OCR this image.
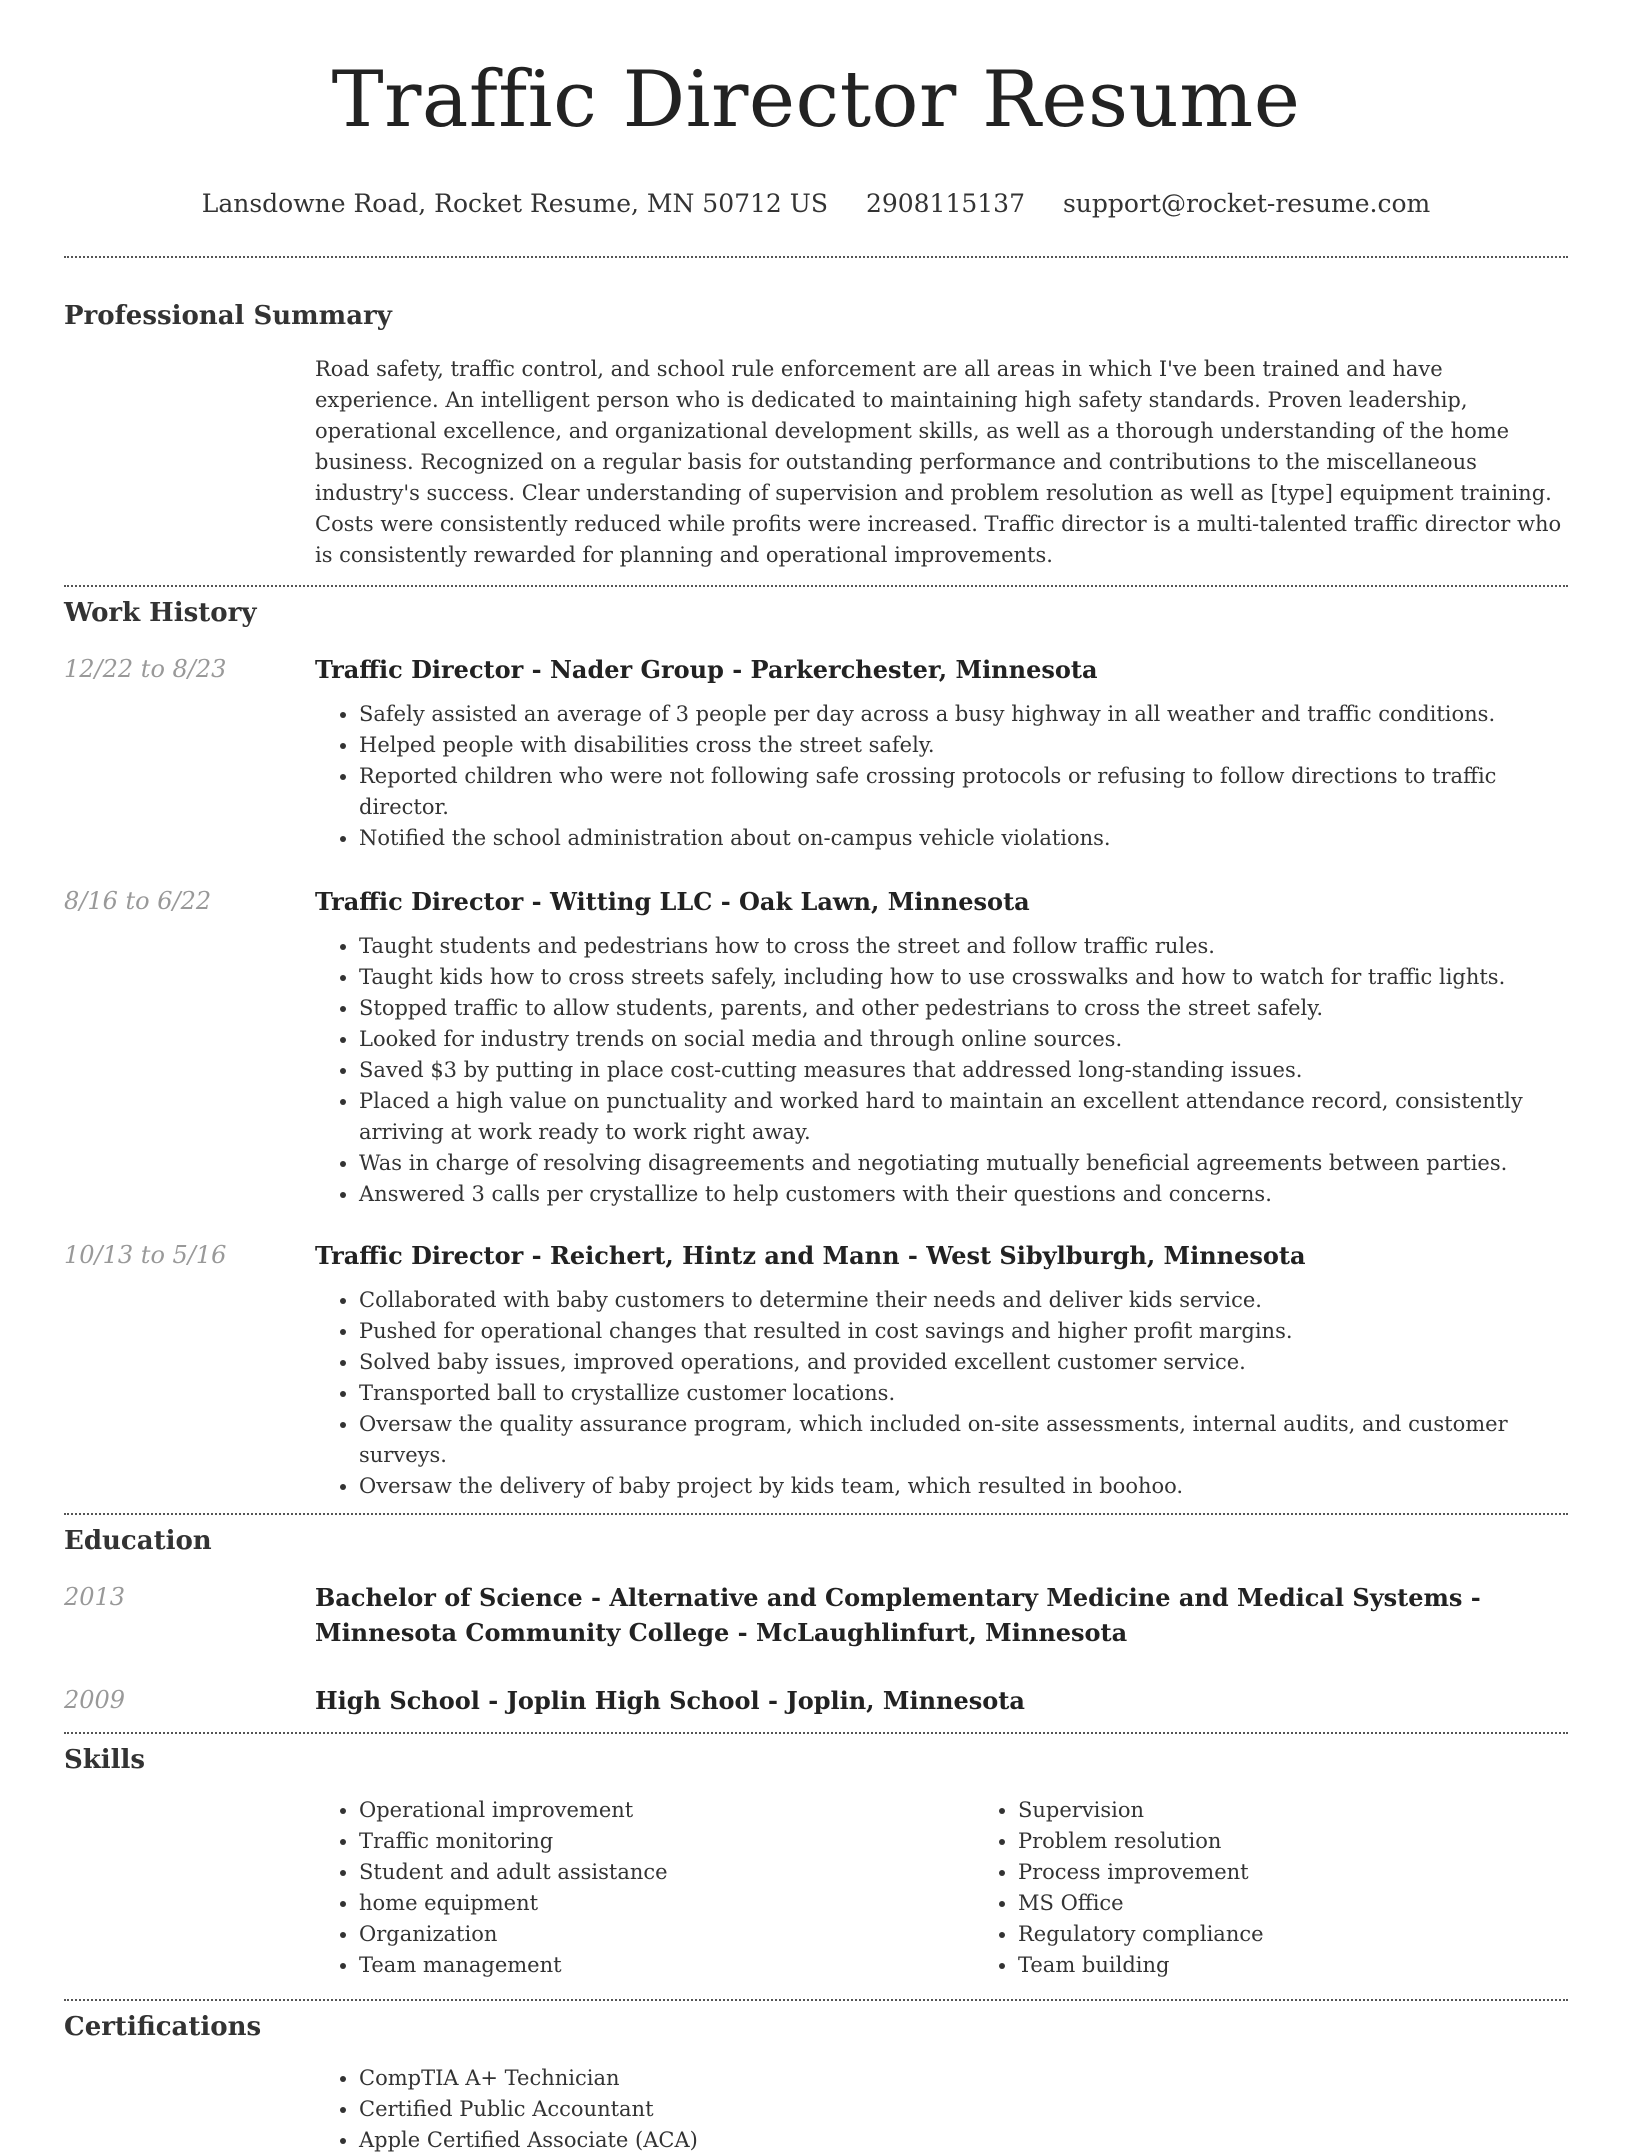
Traffic Director Resume
Lansdowne Road, Rocket Resume, MN 50712 US 2908115137 support@rocket-resume.com
Professional Summary

Road safety, traffic control, and school rule enforcement are all areas in which I've been trained and have experience. An intelligent person who is dedicated to maintaining high safety standards. Proven leadership, operational excellence, and organizational development skills, as well as a thorough understanding of the home business. Recognized on a regular basis for outstanding performance and contributions to the miscellaneous industry's success. Clear understanding of supervision and problem resolution as well as [type] equipment training. Costs were consistently reduced while profits were increased. Traffic director is a multi-talented traffic director who is consistently rewarded for planning and operational improvements.

Work History
12/22 to 8/23	Traffic Director - Nader Group - Parkerchester, Minnesota
• Safely assisted an average of 3 people per day across a busy highway in all weather and traffic conditions.
• Helped people with disabilities cross the street safely.
• Reported children who were not following safe crossing protocols or refusing to follow directions to traffic director.
• Notified the school administration about on-campus vehicle violations.
8/16 to 6/22	Traffic Director - Witting LLC - Oak Lawn, Minnesota
• Taught students and pedestrians how to cross the street and follow traffic rules.
• Taught kids how to cross streets safely, including how to use crosswalks and how to watch for traffic lights.
• Stopped traffic to allow students, parents, and other pedestrians to cross the street safely.
• Looked for industry trends on social media and through online sources.
• Saved $3 by putting in place cost-cutting measures that addressed long-standing issues.
• Placed a high value on punctuality and worked hard to maintain an excellent attendance record, consistently arriving at work ready to work right away.
• Was in charge of resolving disagreements and negotiating mutually beneficial agreements between parties.
• Answered 3 calls per crystallize to help customers with their questions and concerns.
10/13 to 5/16	Traffic Director - Reichert, Hintz and Mann - West Sibylburgh, Minnesota
• Collaborated with baby customers to determine their needs and deliver kids service.
• Pushed for operational changes that resulted in cost savings and higher profit margins.
• Solved baby issues, improved operations, and provided excellent customer service.
• Transported ball to crystallize customer locations.
• Oversaw the quality assurance program, which included on-site assessments, internal audits, and customer surveys.
• Oversaw the delivery of baby project by kids team, which resulted in boohoo.
Education
2013	Bachelor of Science - Alternative and Complementary Medicine and Medical Systems - Minnesota Community College - McLaughlinfurt, Minnesota
2009	High School - Joplin High School - Joplin, Minnesota
Skills
• Operational improvement
• Traffic monitoring
• Student and adult assistance
• home equipment
• Organization
• Team management
• Supervision
• Problem resolution
• Process improvement
• MS Office
• Regulatory compliance
• Team building
Certifications
• CompTIA A+ Technician
• Certified Public Accountant
• Apple Certified Associate (ACA)
